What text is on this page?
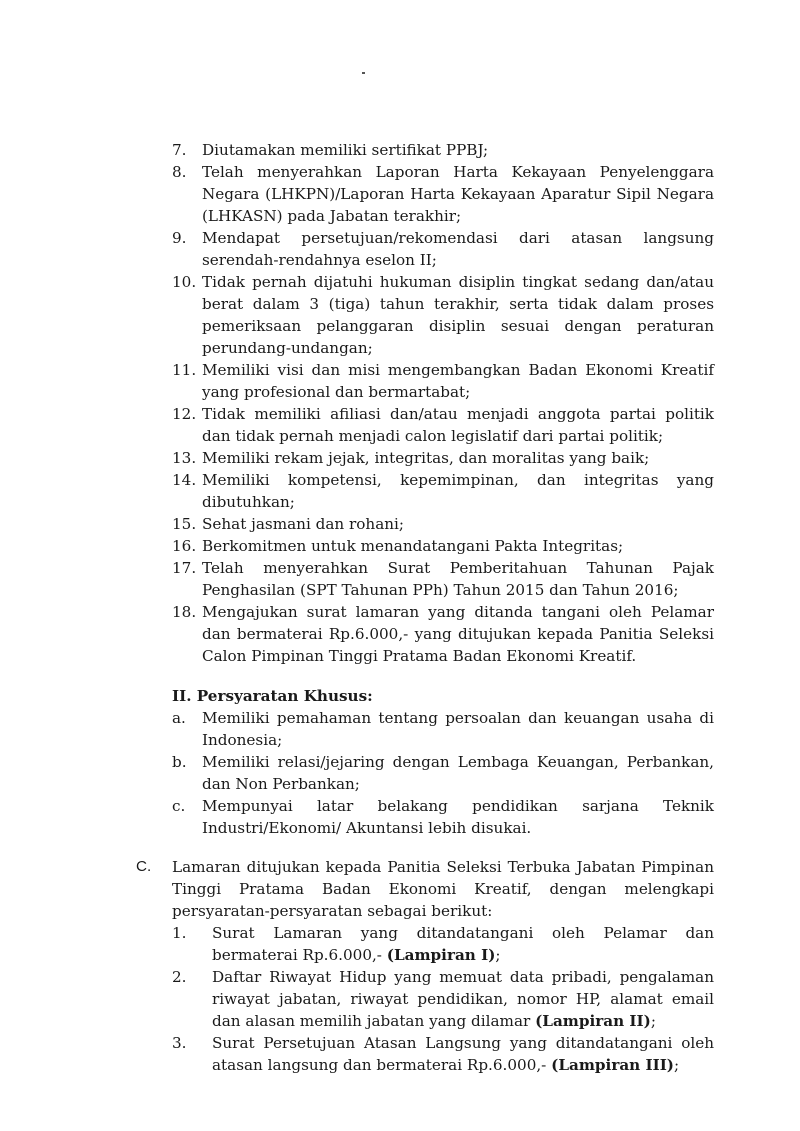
7. Diutamakan memiliki sertifikat PPBJ;
8. Telah menyerahkan Laporan Harta Kekayaan Penyelenggara Negara (LHKPN)/Laporan Harta Kekayaan Aparatur Sipil Negara (LHKASN) pada Jabatan terakhir;
9. Mendapat persetujuan/rekomendasi dari atasan langsung serendah-rendahnya eselon II;
10. Tidak pernah dijatuhi hukuman disiplin tingkat sedang dan/atau berat dalam 3 (tiga) tahun terakhir, serta tidak dalam proses pemeriksaan pelanggaran disiplin sesuai dengan peraturan perundang-undangan;
11. Memiliki visi dan misi mengembangkan Badan Ekonomi Kreatif yang profesional dan bermartabat;
12. Tidak memiliki afiliasi dan/atau menjadi anggota partai politik dan tidak pernah menjadi calon legislatif dari partai politik;
13. Memiliki rekam jejak, integritas, dan moralitas yang baik;
14. Memiliki kompetensi, kepemimpinan, dan integritas yang dibutuhkan;
15. Sehat jasmani dan rohani;
16. Berkomitmen untuk menandatangani Pakta Integritas;
17. Telah menyerahkan Surat Pemberitahuan Tahunan Pajak Penghasilan (SPT Tahunan PPh) Tahun 2015 dan Tahun 2016;
18. Mengajukan surat lamaran yang ditanda tangani oleh Pelamar dan bermaterai Rp.6.000,- yang ditujukan kepada Panitia Seleksi Calon Pimpinan Tinggi Pratama Badan Ekonomi Kreatif.
II. Persyaratan Khusus:
a. Memiliki pemahaman tentang persoalan dan keuangan usaha di Indonesia;
b. Memiliki relasi/jejaring dengan Lembaga Keuangan, Perbankan, dan Non Perbankan;
c. Mempunyai latar belakang pendidikan sarjana Teknik Industri/Ekonomi/ Akuntansi lebih disukai.
C. Lamaran ditujukan kepada Panitia Seleksi Terbuka Jabatan Pimpinan Tinggi Pratama Badan Ekonomi Kreatif, dengan melengkapi persyaratan-persyaratan sebagai berikut:
1. Surat Lamaran yang ditandatangani oleh Pelamar dan bermaterai Rp.6.000,- (Lampiran I);
2. Daftar Riwayat Hidup yang memuat data pribadi, pengalaman riwayat jabatan, riwayat pendidikan, nomor HP, alamat email dan alasan memilih jabatan yang dilamar (Lampiran II);
3. Surat Persetujuan Atasan Langsung yang ditandatangani oleh atasan langsung dan bermaterai Rp.6.000,- (Lampiran III);
